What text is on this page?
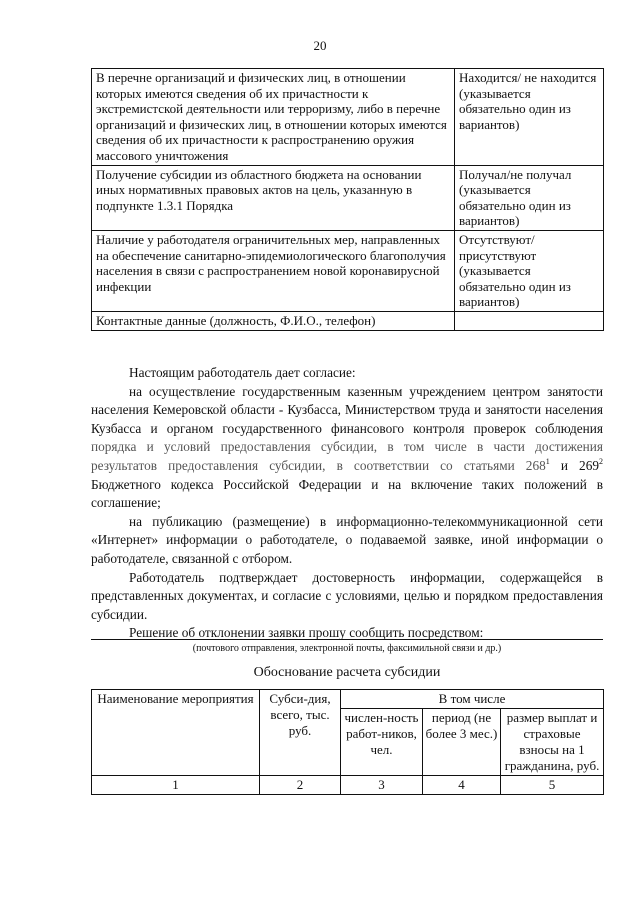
20
В перечне организаций и физических лиц, в отношении которых имеются сведения об их причастности к экстремистской деятельности или терроризму, либо в перечне организаций и физических лиц, в отношении которых имеются сведения об их причастности к распространению оружия массового уничтожения	Находится/ не находится (указывается обязательно один из вариантов)
Получение субсидии из областного бюджета на основании иных нормативных правовых актов на цель, указанную в подпункте 1.3.1 Порядка	Получал/не получал (указывается обязательно один из вариантов)
Наличие у работодателя ограничительных мер, направленных на обеспечение санитарно-эпидемиологического благополучия населения в связи с распространением новой коронавирусной инфекции	Отсутствуют/ присутствуют (указывается обязательно один из вариантов)
Контактные данные (должность, Ф.И.О., телефон)	

Настоящим работодатель дает согласие:

на осуществление государственным казенным учреждением центром занятости населения Кемеровской области - Кузбасса, Министерством труда и занятости населения Кузбасса и органом государственного финансового контроля проверок соблюдения порядка и условий предоставления субсидии, в том числе в части достижения результатов предоставления субсидии, в соответствии со статьями $268^1$ и $269^2$ Бюджетного кодекса Российской Федерации и на включение таких положений в соглашение;

на публикацию (размещение) в информационно-телекоммуникационной сети «Интернет» информации о работодателе, о подаваемой заявке, иной информации о работодателе, связанной с отбором.

Работодатель подтверждает достоверность информации, содержащейся в представленных документах, и согласие с условиями, целью и порядком предоставления субсидии.

Решение об отклонении заявки прошу сообщить посредством:

(почтового отправления, электронной почты, факсимильной связи и др.)
Обоснование расчета субсидии
Наименование мероприятия	Субси-дия, всего, тыс. руб.	В том числе		
		числен-ность работ-ников, чел.	период (не более 3 мес.)	размер выплат и страховые взносы на 1 гражданина, руб.
1	2	3	4	5
